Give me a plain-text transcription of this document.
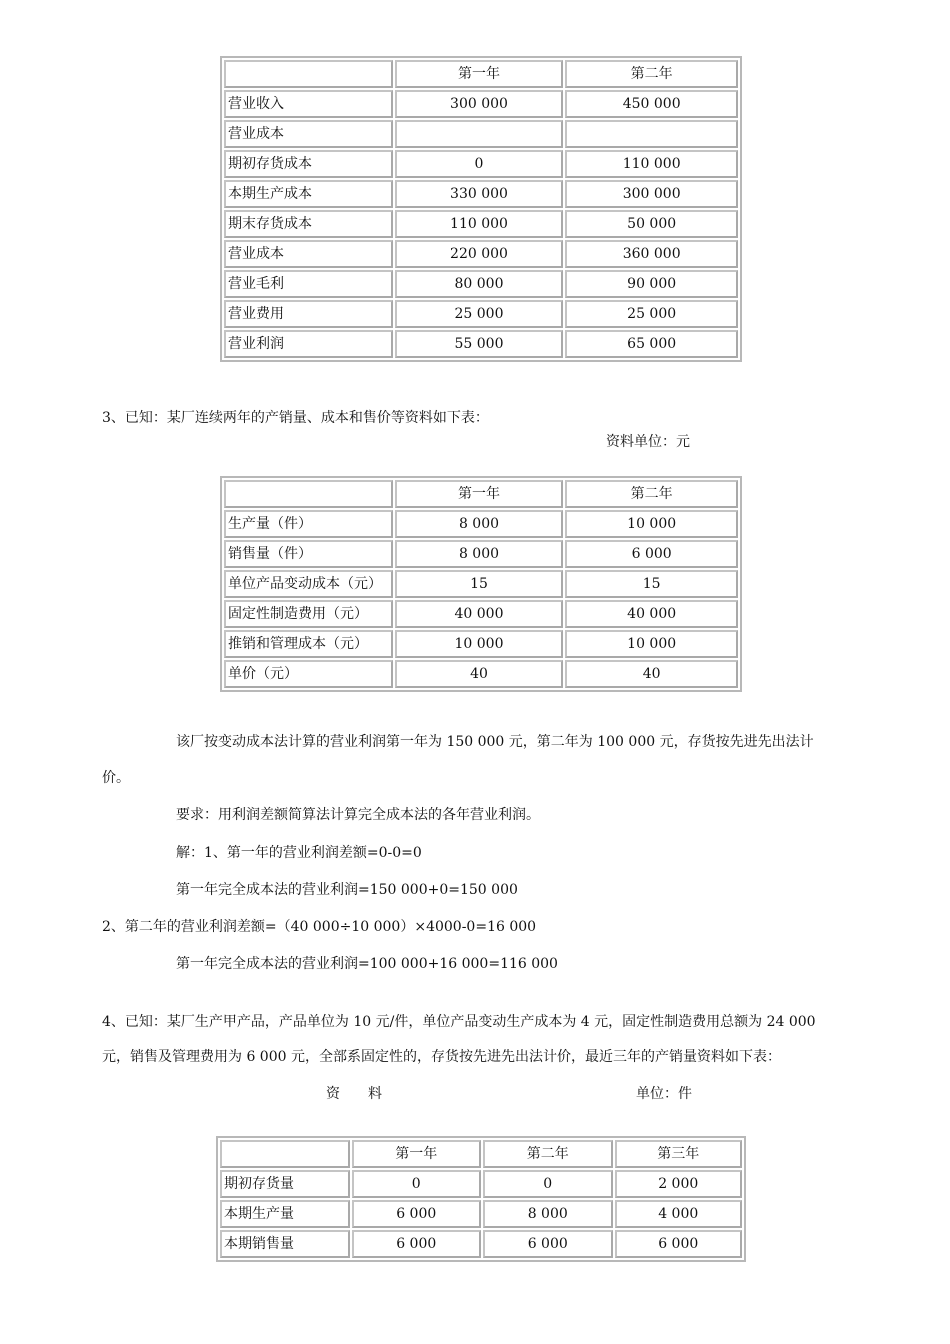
	第一年	第二年
营业收入	300 000	450 000
营业成本		
期初存货成本	0	110 000
本期生产成本	330 000	300 000
期末存货成本	110 000	50 000
营业成本	220 000	360 000
营业毛利	80 000	90 000
营业费用	25 000	25 000
营业利润	55 000	65 000
3、已知：某厂连续两年的产销量、成本和售价等资料如下表：
资料单位：元
	第一年	第二年
生产量（件）	8 000	10 000
销售量（件）	8 000	6 000
单位产品变动成本（元）	15	15
固定性制造费用（元）	40 000	40 000
推销和管理成本（元）	10 000	10 000
单价（元）	40	40
该厂按变动成本法计算的营业利润第一年为 150 000 元，第二年为 100 000 元，存货按先进先出法计
价。
要求：用利润差额简算法计算完全成本法的各年营业利润。
解：1、第一年的营业利润差额=0-0=0
第一年完全成本法的营业利润=150 000+0=150 000
2、第二年的营业利润差额=（40 000÷10 000）×4000-0=16 000
第一年完全成本法的营业利润=100 000+16 000=116 000
4、已知：某厂生产甲产品，产品单位为 10 元/件，单位产品变动生产成本为 4 元，固定性制造费用总额为 24 000
元，销售及管理费用为 6 000 元，全部系固定性的，存货按先进先出法计价，最近三年的产销量资料如下表：
资　　料	单位：件
	第一年	第二年	第三年
期初存货量	0	0	2 000
本期生产量	6 000	8 000	4 000
本期销售量	6 000	6 000	6 000
